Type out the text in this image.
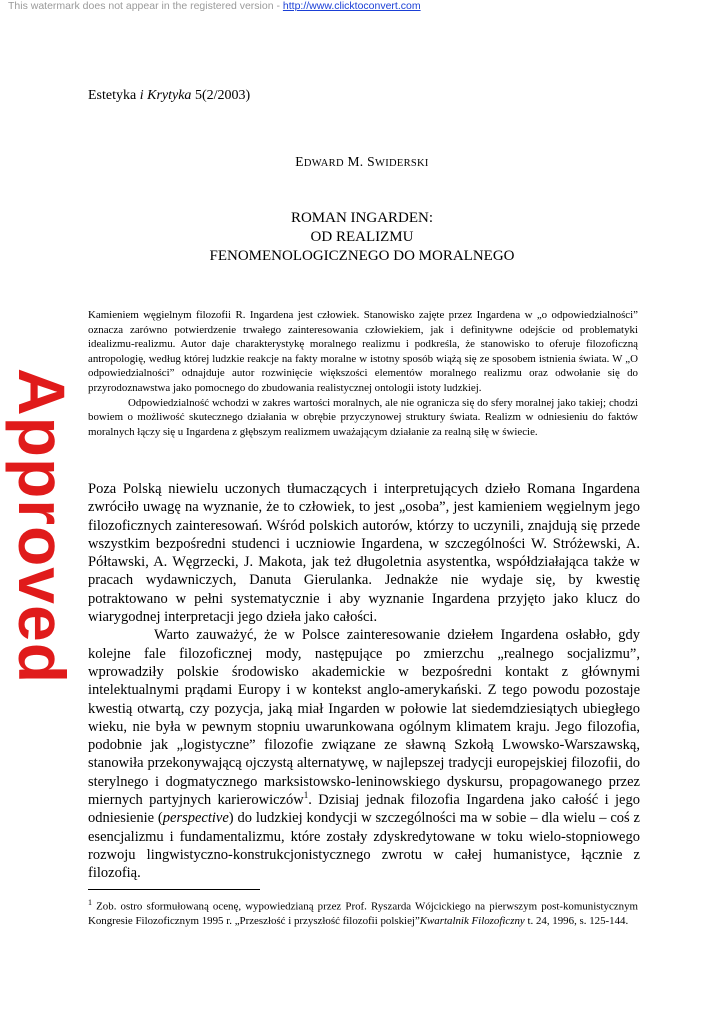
This watermark does not appear in the registered version - http://www.clicktoconvert.com
Approved
Estetyka i Krytyka 5(2/2003)
EDWARD M. SWIDERSKI
ROMAN INGARDEN:
OD REALIZMU
FENOMENOLOGICZNEGO DO MORALNEGO

Kamieniem węgielnym filozofii R. Ingardena jest człowiek. Stanowisko zajęte przez Ingardena w „o odpowiedzialności” oznacza zarówno potwierdzenie trwałego zainteresowania człowiekiem, jak i definitywne odejście od problematyki idealizmu-realizmu. Autor daje charakterystykę moralnego realizmu i podkreśla, że stanowisko to oferuje filozoficzną antropologię, według której ludzkie reakcje na fakty moralne w istotny sposób wiążą się ze sposobem istnienia świata. W „O odpowiedzialności” odnajduje autor rozwinięcie większości elementów moralnego realizmu oraz odwołanie się do przyrodoznawstwa jako pomocnego do zbudowania realistycznej ontologii istoty ludzkiej.

Odpowiedzialność wchodzi w zakres wartości moralnych, ale nie ogranicza się do sfery moralnej jako takiej; chodzi bowiem o możliwość skutecznego działania w obrębie przyczynowej struktury świata. Realizm w odniesieniu do faktów moralnych łączy się u Ingardena z głębszym realizmem uważającym działanie za realną siłę w świecie.

Poza Polską niewielu uczonych tłumaczących i interpretujących dzieło Romana Ingardena zwróciło uwagę na wyznanie, że to człowiek, to jest „osoba”, jest kamieniem węgielnym jego filozoficznych zainteresowań. Wśród polskich autorów, którzy to uczynili, znajdują się przede wszystkim bezpośredni studenci i uczniowie Ingardena, w szczególności W. Stróżewski, A. Półtawski, A. Węgrzecki, J. Makota, jak też długoletnia asystentka, współdziałająca także w pracach wydawniczych, Danuta Gierulanka. Jednakże nie wydaje się, by kwestię potraktowano w pełni systematycznie i aby wyznanie Ingardena przyjęto jako klucz do wiarygodnej interpretacji jego dzieła jako całości.

Warto zauważyć, że w Polsce zainteresowanie dziełem Ingardena osłabło, gdy kolejne fale filozoficznej mody, następujące po zmierzchu „realnego socjalizmu”, wprowadziły polskie środowisko akademickie w bezpośredni kontakt z głównymi intelektualnymi prądami Europy i w kontekst anglo-amerykański. Z tego powodu pozostaje kwestią otwartą, czy pozycja, jaką miał Ingarden w połowie lat siedemdziesiątych ubiegłego wieku, nie była w pewnym stopniu uwarunkowana ogólnym klimatem kraju. Jego filozofia, podobnie jak „logistyczne” filozofie związane ze sławną Szkołą Lwowsko-Warszawską, stanowiła przekonywającą ojczystą alternatywę, w najlepszej tradycji europejskiej filozofii, do sterylnego i dogmatycznego marksistowsko-leninowskiego dyskursu, propagowanego przez miernych partyjnych karierowiczów$^1$. Dzisiaj jednak filozofia Ingardena jako całość i jego odniesienie (perspective) do ludzkiej kondycji w szczególności ma w sobie – dla wielu – coś z esencjalizmu i fundamentalizmu, które zostały zdyskredytowane w toku wielo-stopniowego rozwoju lingwistyczno-konstrukcjonistycznego zwrotu w całej humanistyce, łącznie z filozofią.

$^1$ Zob. ostro sformułowaną ocenę, wypowiedzianą przez Prof. Ryszarda Wójcickiego na pierwszym post-komunistycznym Kongresie Filozoficznym 1995 r. „Przeszłość i przyszłość filozofii polskiej”Kwartalnik Filozoficzny t. 24, 1996, s. 125-144.
